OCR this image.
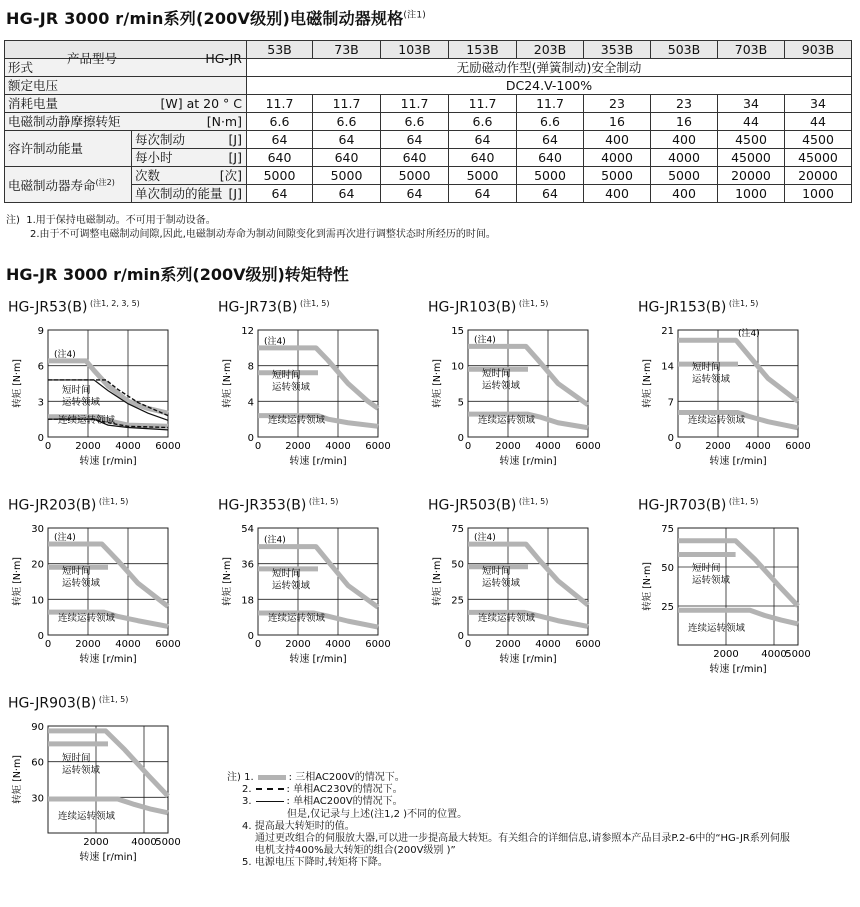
HG-JR 3000 r/min系列(200V级别)电磁制动器规格$^{(注1)}$
产品型号 HG-JR		53B	73B	103B	153B	203B	353B	503B	703B	903B
形式		无励磁动作型(弹簧制动)安全制动								
额定电压		DC24.V-100%								
消耗电量 [W] at 20 ° C		11.7	11.7	11.7	11.7	11.7	23	23	34	34
电磁制动静摩擦转矩 [N·m]		6.6	6.6	6.6	6.6	6.6	16	16	44	44
容许制动能量	每次制动 [J]	64	64	64	64	64	400	400	4500	4500
	每小时 [J]	640	640	640	640	640	4000	4000	45000	45000
电磁制动器寿命$^{(注2)}$	次数 [次]	5000	5000	5000	5000	5000	5000	5000	20000	20000
	单次制动的能量 [J]	64	64	64	64	64	400	400	1000	1000
注) 1.用于保持电磁制动。不可用于制动设备。
2.由于不可调整电磁制动间隙,因此,电磁制动寿命为制动间隙变化到需再次进行调整状态时所经历的时间。
HG-JR 3000 r/min系列(200V级别)转矩特性
HG-JR53(B) $^{(注1, 2, 3, 5)}$
0
3
6
9
0 2000 4000 6000
转矩 [N·m]
转速 [r/min]
短时间
运转领域
连续运转领域
(注4)
HG-JR73(B) $^{(注1, 5)}$
0
4
8
12
0 2000 4000 6000
转矩 [N·m]
转速 [r/min]
短时间
运转领域
连续运转领域
(注4)
HG-JR103(B) $^{(注1, 5)}$
0
5
10
15
0 2000 4000 6000
转矩 [N·m]
转速 [r/min]
短时间
运转领域
连续运转领域
(注4)
HG-JR153(B) $^{(注1, 5)}$
0
7
14
21
0 2000 4000 6000
转矩 [N·m]
转速 [r/min]
短时间
运转领域
连续运转领域
(注4)
HG-JR203(B) $^{(注1, 5)}$
0
10
20
30
0 2000 4000 6000
转矩 [N·m]
转速 [r/min]
短时间
运转领域
连续运转领域
(注4)
HG-JR353(B) $^{(注1, 5)}$
0
18
36
54
0 2000 4000 6000
转矩 [N·m]
转速 [r/min]
短时间
运转领域
连续运转领域
(注4)
HG-JR503(B) $^{(注1, 5)}$
0
25
50
75
0 2000 4000 6000
转矩 [N·m]
转速 [r/min]
短时间
运转领域
连续运转领域
(注4)
HG-JR703(B) $^{(注1, 5)}$
25
50
75
2000 4000
5000
转矩 [N·m]
转速 [r/min]
短时间
运转领域
连续运转领域
HG-JR903(B) $^{(注1, 5)}$
30
60
90
2000 4000
5000
转矩 [N·m]
转速 [r/min]
短时间
运转领域
连续运转领域
注) 1.	: 三相AC200V的情况下。
2.	: 单相AC230V的情况下。
3.	: 单相AC200V的情况下。
但是,仅记录与上述(注1,2 )不同的位置。
4. 提高最大转矩时的值。
通过更改组合的伺服放大器,可以进一步提高最大转矩。有关组合的详细信息,请参照本产品目录P.2-6中的“HG-JR系列伺服
电机支持400%最大转矩的组合(200V级别 )”
5. 电源电压下降时,转矩将下降。
